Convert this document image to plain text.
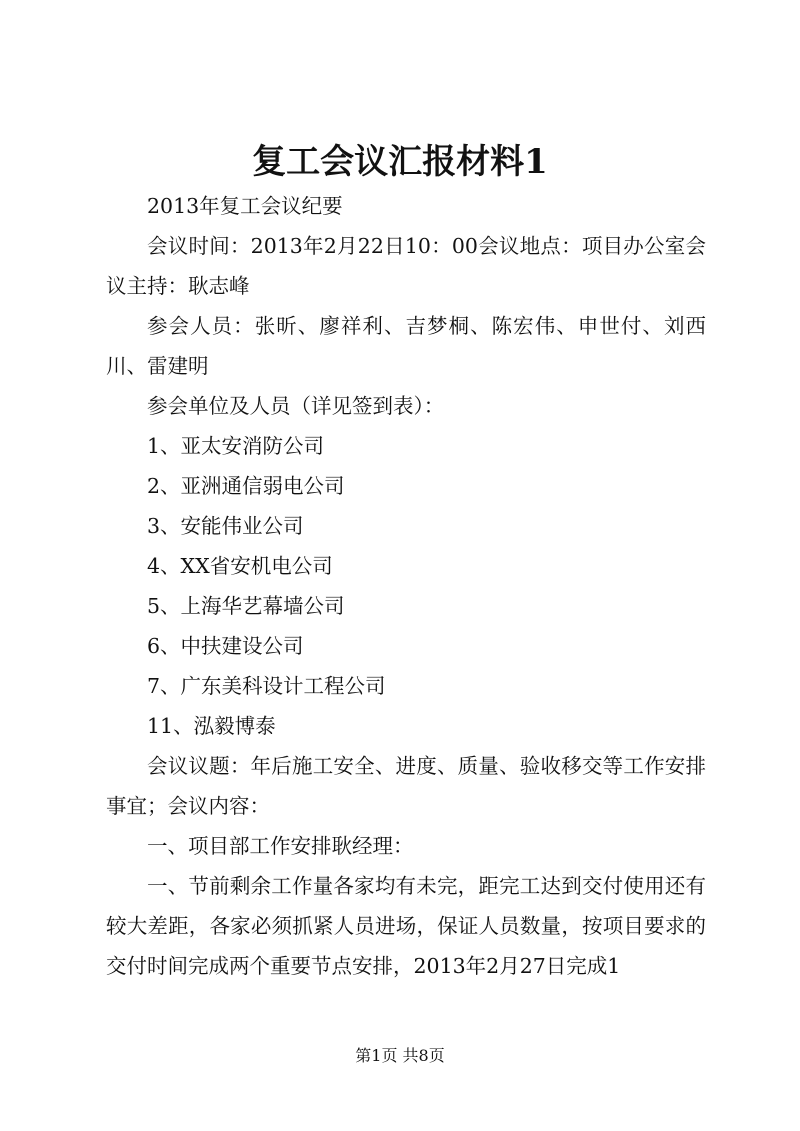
复工会议汇报材料1

2013年复工会议纪要

会议时间：2013年2月22日10：00会议地点：项目办公室会议主持：耿志峰

参会人员：张昕、廖祥利、吉梦桐、陈宏伟、申世付、刘西川、雷建明

参会单位及人员（详见签到表）：

1、亚太安消防公司

2、亚洲通信弱电公司

3、安能伟业公司

4、XX省安机电公司

5、上海华艺幕墙公司

6、中扶建设公司

7、广东美科设计工程公司

11、泓毅博泰

会议议题：年后施工安全、进度、质量、验收移交等工作安排事宜；会议内容：

一、项目部工作安排耿经理：

一、节前剩余工作量各家均有未完，距完工达到交付使用还有较大差距，各家必须抓紧人员进场，保证人员数量，按项目要求的交付时间完成两个重要节点安排，2013年2月27日完成1

第1页 共8页
